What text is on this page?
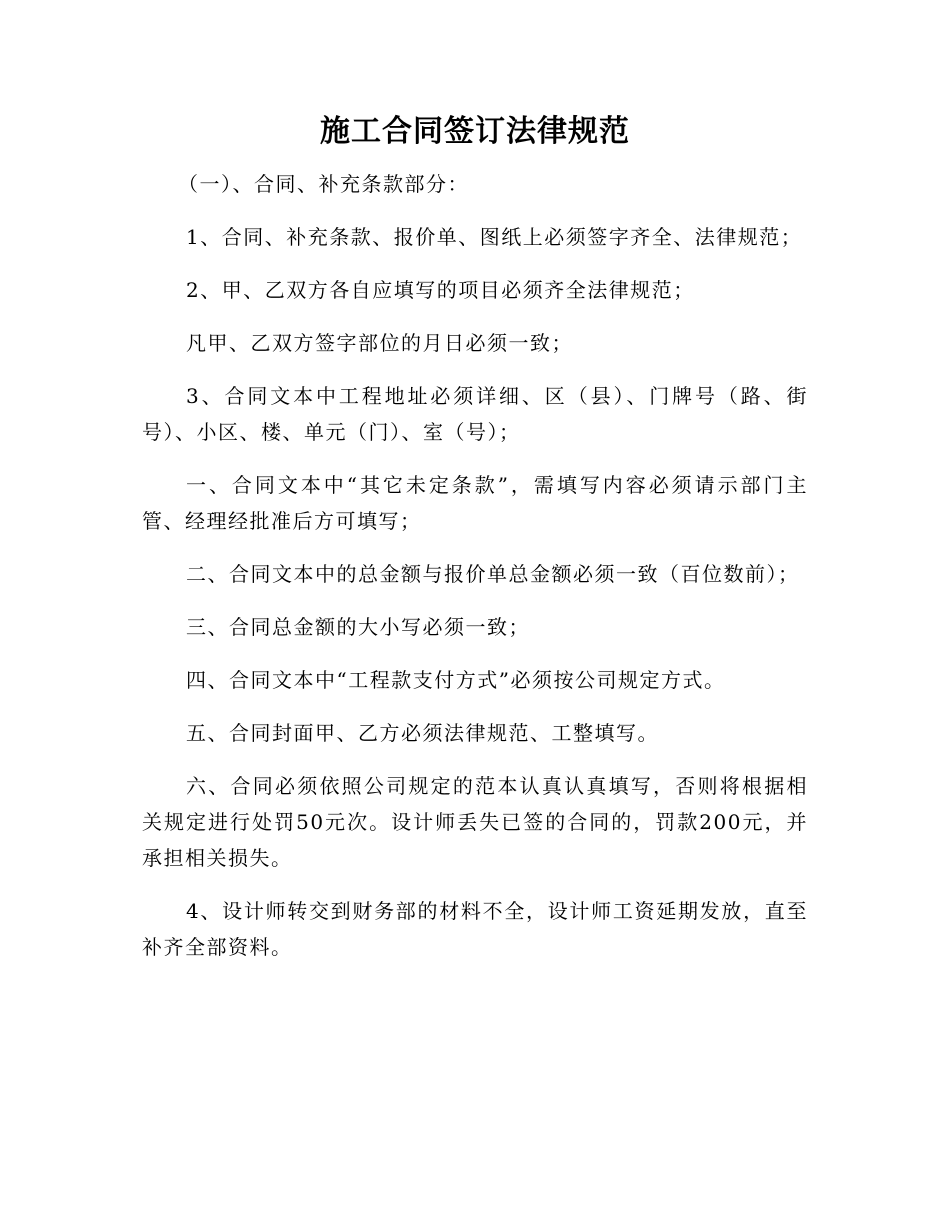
施工合同签订法律规范

（一）、合同、补充条款部分：

1、合同、补充条款、报价单、图纸上必须签字齐全、法律规范；

2、甲、乙双方各自应填写的项目必须齐全法律规范；

凡甲、乙双方签字部位的月日必须一致；

3、合同文本中工程地址必须详细、区（县）、门牌号（路、街号）、小区、楼、单元（门）、室（号）；

一、合同文本中“其它未定条款”，需填写内容必须请示部门主管、经理经批准后方可填写；

二、合同文本中的总金额与报价单总金额必须一致（百位数前）；

三、合同总金额的大小写必须一致；

四、合同文本中“工程款支付方式”必须按公司规定方式。

五、合同封面甲、乙方必须法律规范、工整填写。

六、合同必须依照公司规定的范本认真认真填写，否则将根据相关规定进行处罚50元次。设计师丢失已签的合同的，罚款200元，并承担相关损失。

4、设计师转交到财务部的材料不全，设计师工资延期发放，直至补齐全部资料。
